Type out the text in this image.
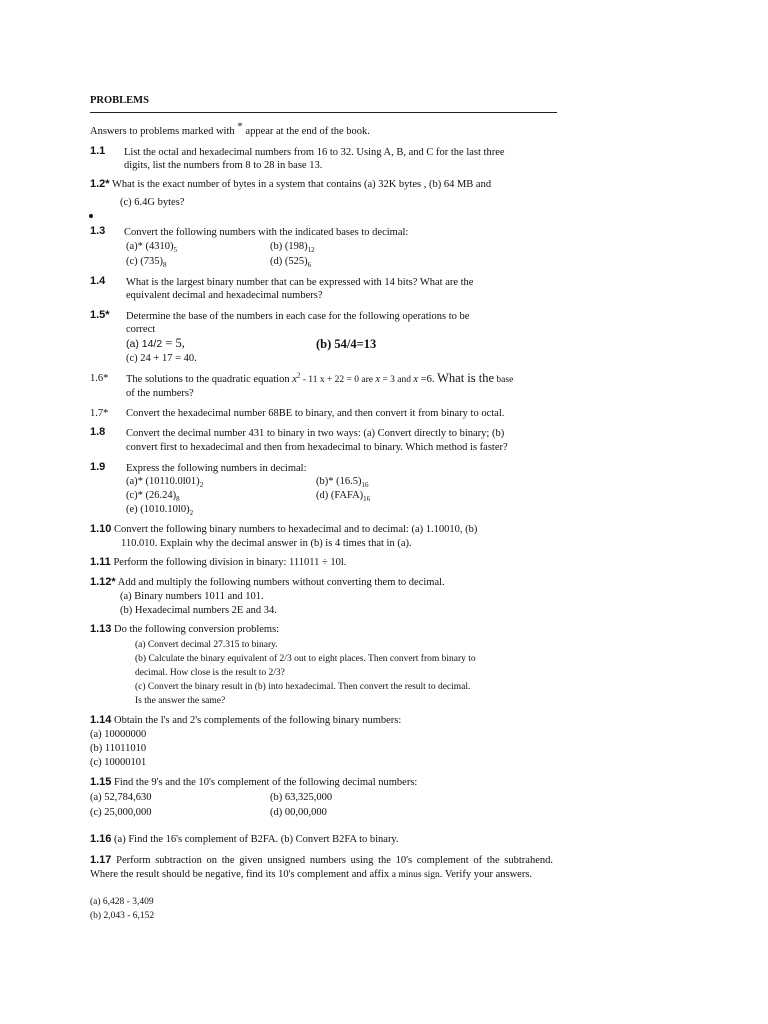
PROBLEMS
Answers to problems marked with * appear at the end of the book.
1.1 List the octal and hexadecimal numbers from 16 to 32. Using A, B, and C for the last three
digits, list the numbers from 8 to 28 in base 13.
1.2* What is the exact number of bytes in a system that contains (a) 32K bytes , (b) 64 MB and
(c) 6.4G bytes?
1.3 Convert the following numbers with the indicated bases to decimal:
(a)* $(4310)_5$	(b) $(198)_{12}$
(c) $(735)_8$	(d) $(525)_6$
1.4 What is the largest binary number that can be expressed with 14 bits? What are the
equivalent decimal and hexadecimal numbers?
1.5* Determine the base of the numbers in each case for the following operations to be
correct
(a) 14/2 = 5,	(b) 54/4=13
(c) 24 + 17 = 40.
1.6* The solutions to the quadratic equation $x^2 - 11$ x + 22 = 0 are x = 3 and x =6. What is the base
of the numbers?
1.7* Convert the hexadecimal number 68BE to binary, and then convert it from binary to octal.
1.8 Convert the decimal number 431 to binary in two ways: (a) Convert directly to binary; (b)
convert first to hexadecimal and then from hexadecimal to binary. Which method is faster?
1.9 Express the following numbers in decimal:
(a)* $(10110.0l01)_2$	(b)* $(16.5)_{16}$
(c)* $(26.24)_8$	(d) $(FAFA)_{16}$
(e) $(1010.10l0)_2$
1.10 Convert the following binary numbers to hexadecimal and to decimal: (a) 1.10010, (b)
110.010. Explain why the decimal answer in (b) is 4 times that in (a).
1.11 Perform the following division in binary: 111011 ÷ 10l.
1.12* Add and multiply the following numbers without converting them to decimal.
(a) Binary numbers 1011 and 101.
(b) Hexadecimal numbers 2E and 34.
1.13 Do the following conversion problems:
(a) Convert decimal 27.315 to binary.
(b) Calculate the binary equivalent of 2/3 out to eight places. Then convert from binary to
decimal. How close is the result to 2/3?
(c) Convert the binary result in (b) into hexadecimal. Then convert the result to decimal.
Is the answer the same?
1.14 Obtain the l's and 2's complements of the following binary numbers:
(a) 10000000
(b) 11011010
(c) 10000101
1.15 Find the 9's and the 10's complement of the following decimal numbers:
(a) 52,784,630	(b) 63,325,000
(c) 25,000,000	(d) 00,00,000
1.16 (a) Find the 16's complement of B2FA. (b) Convert B2FA to binary.
1.17 Perform subtraction on the given unsigned numbers using the 10's complement of the subtrahend. Where the result should be negative, find its 10's complement and affix a minus sign. Verify your answers.
(a) 6,428 - 3,409
(b) 2,043 - 6,152
